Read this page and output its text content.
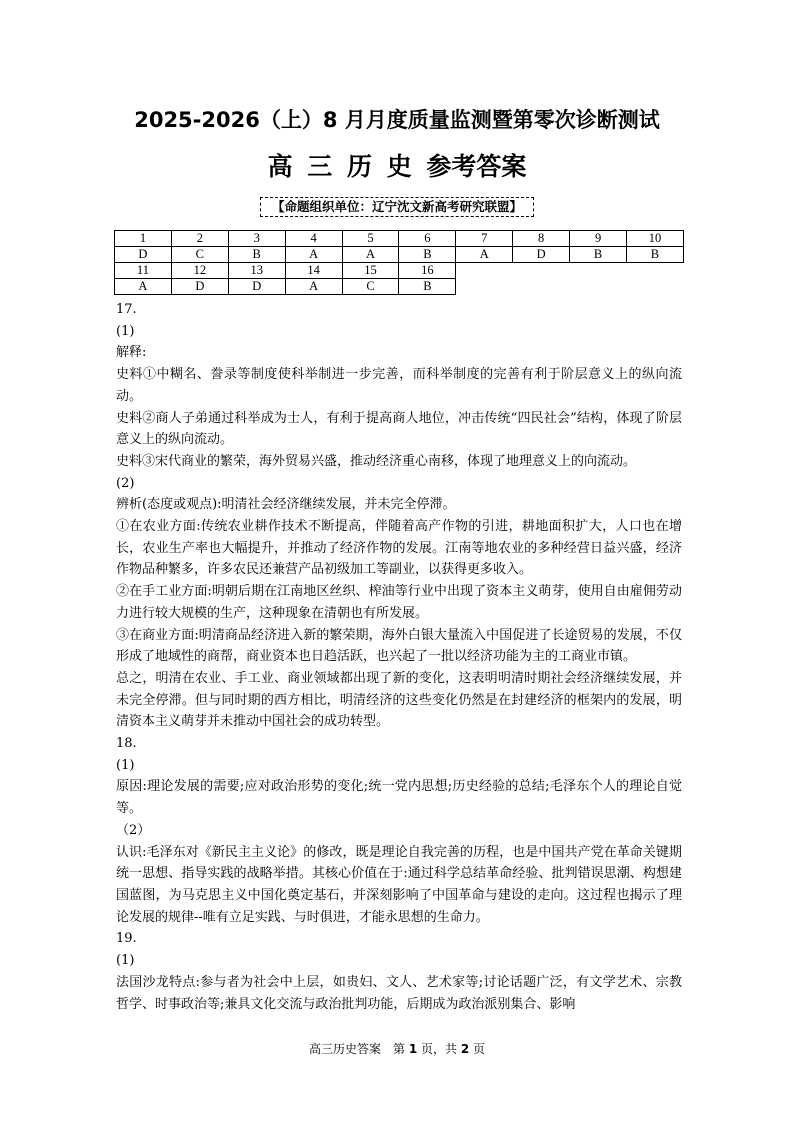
2025-2026（上）8 月月度质量监测暨第零次诊断测试
高 三 历 史 参考答案
【命题组织单位：辽宁沈文新高考研究联盟】
1	2	3	4	5	6	7	8	9	10
D	C	B	A	A	B	A	D	B	B
11	12	13	14	15	16				
A	D	D	A	C	B				

17.

(1)

解释:

史料①中糊名、誊录等制度使科举制进一步完善，而科举制度的完善有利于阶层意义上的纵向流动。

史料②商人子弟通过科举成为士人，有利于提高商人地位，冲击传统“四民社会”结构，体现了阶层意义上的纵向流动。

史料③宋代商业的繁荣，海外贸易兴盛，推动经济重心南移，体现了地理意义上的向流动。

(2)

辨析(态度或观点):明清社会经济继续发展，并未完全停滞。

①在农业方面:传统农业耕作技术不断提高，伴随着高产作物的引进，耕地面积扩大，人口也在增长，农业生产率也大幅提升，并推动了经济作物的发展。江南等地农业的多种经营日益兴盛，经济作物品种繁多，许多农民还兼营产品初级加工等副业，以获得更多收入。

②在手工业方面:明朝后期在江南地区丝织、榨油等行业中出现了资本主义萌芽，使用自由雇佣劳动力进行较大规模的生产，这种现象在清朝也有所发展。

③在商业方面:明清商品经济进入新的繁荣期，海外白银大量流入中国促进了长途贸易的发展，不仅形成了地域性的商帮，商业资本也日趋活跃，也兴起了一批以经济功能为主的工商业市镇。

总之，明清在农业、手工业、商业领域都出现了新的变化，这表明明清时期社会经济继续发展，并未完全停滞。但与同时期的西方相比，明清经济的这些变化仍然是在封建经济的框架内的发展，明清资本主义萌芽并未推动中国社会的成功转型。

18.

(1)

原因:理论发展的需要;应对政治形势的变化;统一党内思想;历史经验的总结;毛泽东个人的理论自觉等。

（2）

认识:毛泽东对《新民主主义论》的修改，既是理论自我完善的历程，也是中国共产党在革命关键期统一思想、指导实践的战略举措。其核心价值在于:通过科学总结革命经验、批判错误思潮、构想建国蓝图，为马克思主义中国化奠定基石，并深刻影响了中国革命与建设的走向。这过程也揭示了理论发展的规律--唯有立足实践、与时俱进，才能永思想的生命力。

19.

(1)

法国沙龙特点:参与者为社会中上层，如贵妇、文人、艺术家等;讨论话题广泛，有文学艺术、宗教哲学、时事政治等;兼具文化交流与政治批判功能，后期成为政治派别集合、影响

高三历史答案　第 1 页，共 2 页
